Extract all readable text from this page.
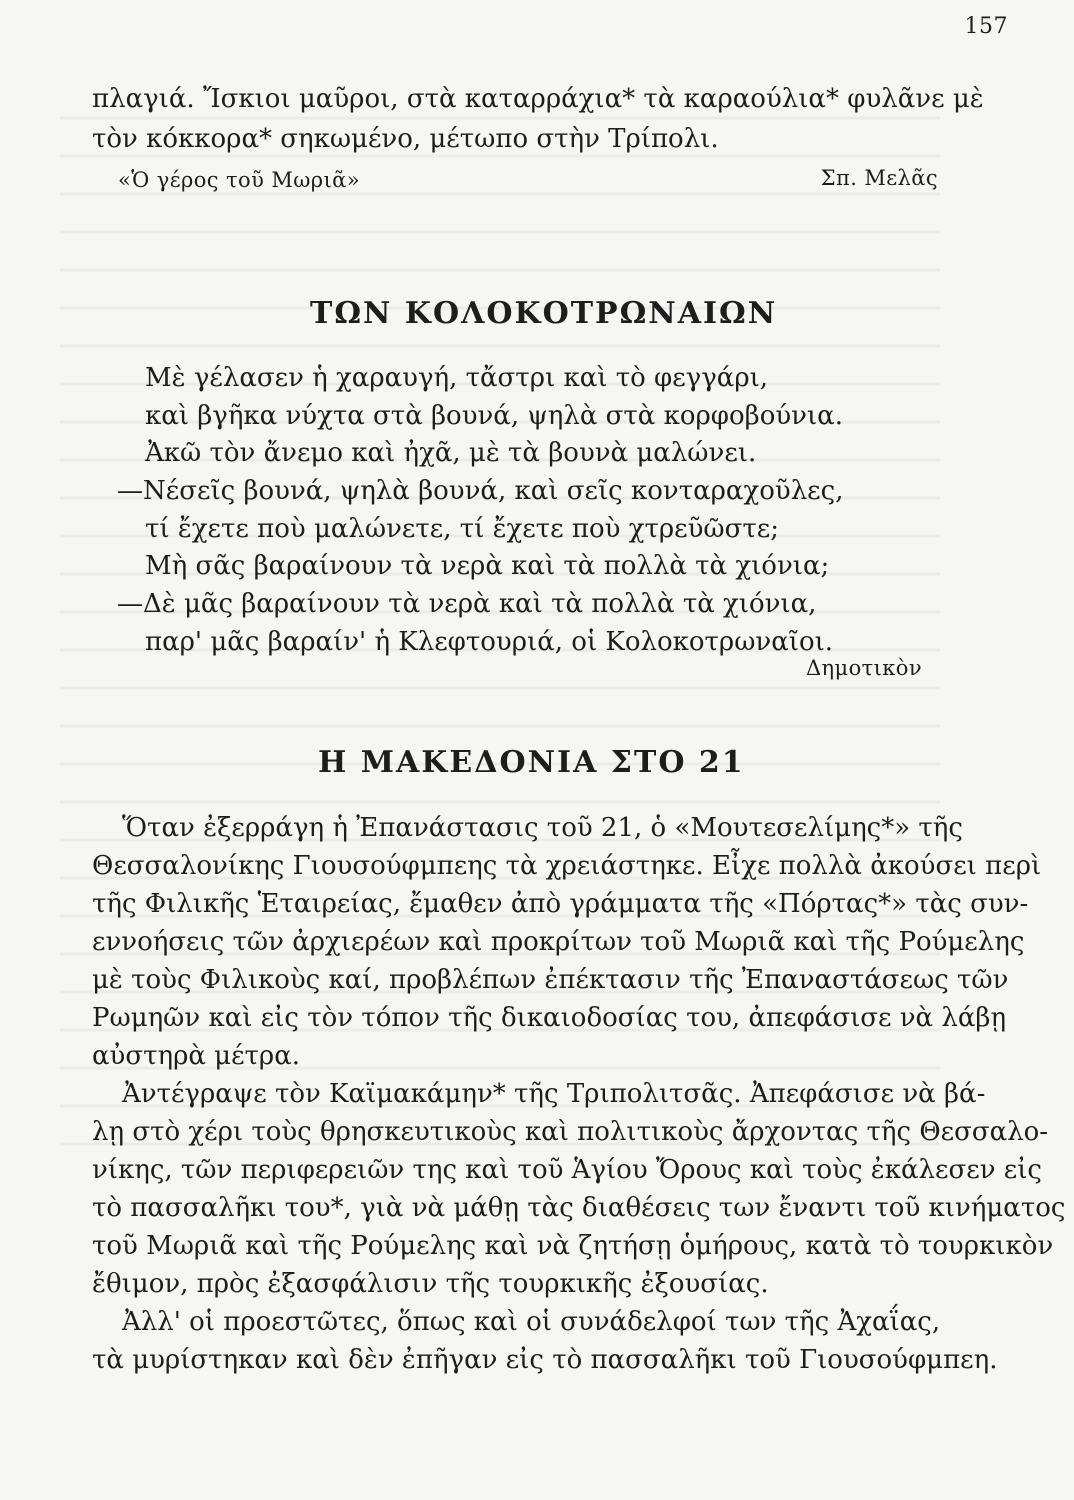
157
πλαγιά. Ἴσκιοι μαῦροι, στὰ καταρράχια* τὰ καραούλια* φυλᾶνε μὲ
τὸν κόκκορα* σηκωμένο, μέτωπο στὴν Τρίπολι.
«Ὁ γέρος τοῦ Μωριᾶ»	Σπ. Μελᾶς
ΤΩΝ ΚΟΛΟΚΟΤΡΩΝΑΙΩΝ
Μὲ γέλασεν ἡ χαραυγή, τἄστρι καὶ τὸ φεγγάρι,
καὶ βγῆκα νύχτα στὰ βουνά, ψηλὰ στὰ κορφοβούνια.
Ἀκῶ τὸν ἄνεμο καὶ ἠχᾶ, μὲ τὰ βουνὰ μαλώνει.
—Νέσεῖς βουνά, ψηλὰ βουνά, καὶ σεῖς κονταραχοῦλες,
τί ἔχετε ποὺ μαλώνετε, τί ἔχετε ποὺ χτρεῦῶστε;
Μὴ σᾶς βαραίνουν τὰ νερὰ καὶ τὰ πολλὰ τὰ χιόνια;
—Δὲ μᾶς βαραίνουν τὰ νερὰ καὶ τὰ πολλὰ τὰ χιόνια,
παρ' μᾶς βαραίν' ἡ Κλεφτουριά, οἱ Κολοκοτρωναῖοι.
Δημοτικὸν
Η ΜΑΚΕΔΟΝΙΑ ΣΤΟ 21
Ὅταν ἐξερράγη ἡ Ἐπανάστασις τοῦ 21, ὁ «Μουτεσελίμης*» τῆς
Θεσσαλονίκης Γιουσούφμπεης τὰ χρειάστηκε. Εἶχε πολλὰ ἀκούσει περὶ
τῆς Φιλικῆς Ἑταιρείας, ἔμαθεν ἀπὸ γράμματα τῆς «Πόρτας*» τὰς συν-
εννοήσεις τῶν ἀρχιερέων καὶ προκρίτων τοῦ Μωριᾶ καὶ τῆς Ρούμελης
μὲ τοὺς Φιλικοὺς καί, προβλέπων ἐπέκτασιν τῆς Ἐπαναστάσεως τῶν
Ρωμηῶν καὶ εἰς τὸν τόπον τῆς δικαιοδοσίας του, ἀπεφάσισε νὰ λάβῃ
αὐστηρὰ μέτρα.
Ἀντέγραψε τὸν Καϊμακάμην* τῆς Τριπολιτσᾶς. Ἀπεφάσισε νὰ βά-
λῃ στὸ χέρι τοὺς θρησκευτικοὺς καὶ πολιτικοὺς ἄρχοντας τῆς Θεσσαλο-
νίκης, τῶν περιφερειῶν της καὶ τοῦ Ἁγίου Ὄρους καὶ τοὺς ἐκάλεσεν εἰς
τὸ πασσαλῆκι του*, γιὰ νὰ μάθῃ τὰς διαθέσεις των ἔναντι τοῦ κινήματος
τοῦ Μωριᾶ καὶ τῆς Ρούμελης καὶ νὰ ζητήσῃ ὁμήρους, κατὰ τὸ τουρκικὸν
ἔθιμον, πρὸς ἐξασφάλισιν τῆς τουρκικῆς ἐξουσίας.
Ἀλλ' οἱ προεστῶτες, ὅπως καὶ οἱ συνάδελφοί των τῆς Ἀχαΐας,
τὰ μυρίστηκαν καὶ δὲν ἐπῆγαν εἰς τὸ πασσαλῆκι τοῦ Γιουσούφμπεη.
